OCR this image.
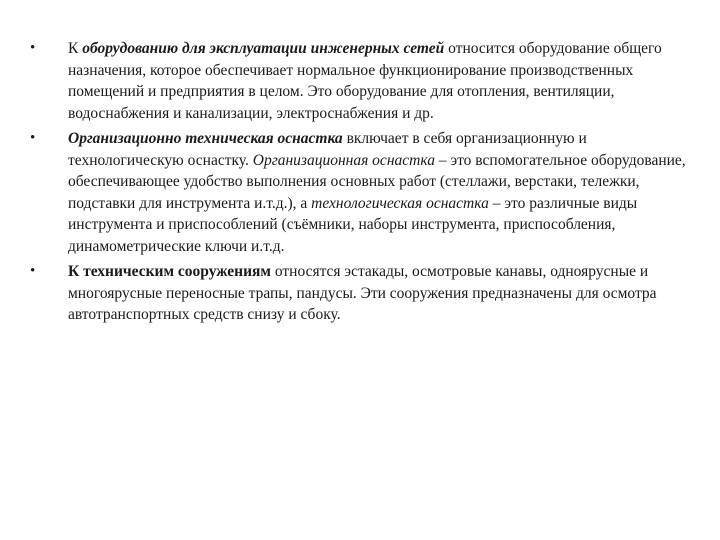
• К оборудованию для эксплуатации инженерных сетей относится оборудование общего назначения, которое обеспечивает нормальное функционирование производственных помещений и предприятия в целом. Это оборудование для отопления, вентиляции, водоснабжения и канализации, электроснабжения и др.
• Организационно техническая оснастка включает в себя организационную и технологическую оснастку. Организационная оснастка – это вспомогательное оборудование, обеспечивающее удобство выполнения основных работ (стеллажи, верстаки, тележки, подставки для инструмента и.т.д.), а технологическая оснастка – это различные виды инструмента и приспособлений (съёмники, наборы инструмента, приспособления, динамометрические ключи и.т.д.
• К техническим сооружениям относятся эстакады, осмотровые канавы, одноярусные и многоярусные переносные трапы, пандусы. Эти сооружения предназначены для осмотра автотранспортных средств снизу и сбоку.
